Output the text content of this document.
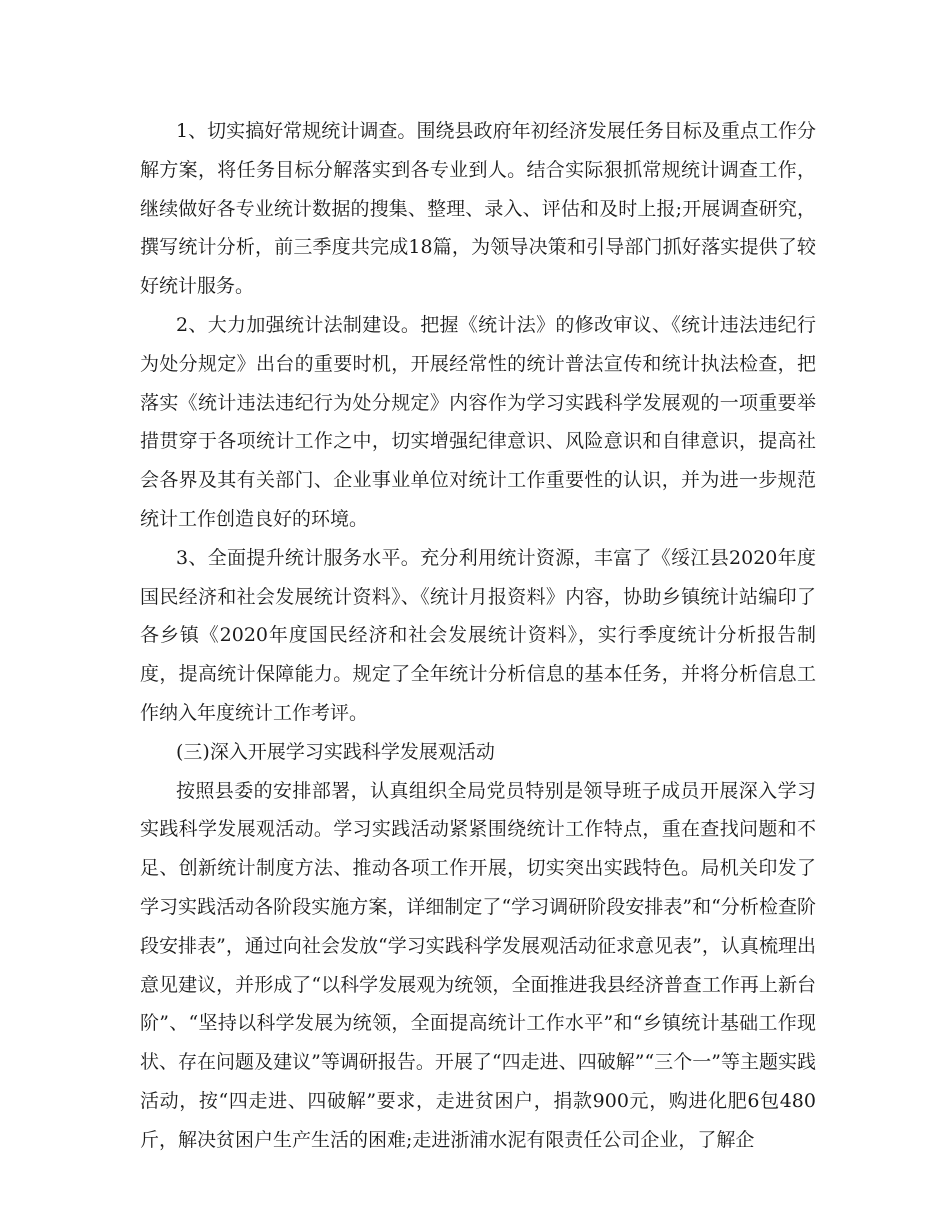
1、切实搞好常规统计调查。围绕县政府年初经济发展任务目标及重点工作分解方案，将任务目标分解落实到各专业到人。结合实际狠抓常规统计调查工作，继续做好各专业统计数据的搜集、整理、录入、评估和及时上报;开展调查研究，撰写统计分析，前三季度共完成18篇，为领导决策和引导部门抓好落实提供了较好统计服务。

2、大力加强统计法制建设。把握《统计法》的修改审议、《统计违法违纪行为处分规定》出台的重要时机，开展经常性的统计普法宣传和统计执法检查，把落实《统计违法违纪行为处分规定》内容作为学习实践科学发展观的一项重要举措贯穿于各项统计工作之中，切实增强纪律意识、风险意识和自律意识，提高社会各界及其有关部门、企业事业单位对统计工作重要性的认识，并为进一步规范统计工作创造良好的环境。

3、全面提升统计服务水平。充分利用统计资源，丰富了《绥江县2020年度国民经济和社会发展统计资料》、《统计月报资料》内容，协助乡镇统计站编印了各乡镇《2020年度国民经济和社会发展统计资料》，实行季度统计分析报告制度，提高统计保障能力。规定了全年统计分析信息的基本任务，并将分析信息工作纳入年度统计工作考评。

(三)深入开展学习实践科学发展观活动

按照县委的安排部署，认真组织全局党员特别是领导班子成员开展深入学习实践科学发展观活动。学习实践活动紧紧围绕统计工作特点，重在查找问题和不足、创新统计制度方法、推动各项工作开展，切实突出实践特色。局机关印发了学习实践活动各阶段实施方案，详细制定了“学习调研阶段安排表”和“分析检查阶段安排表”，通过向社会发放“学习实践科学发展观活动征求意见表”，认真梳理出意见建议，并形成了“以科学发展观为统领，全面推进我县经济普查工作再上新台阶”、“坚持以科学发展为统领，全面提高统计工作水平”和“乡镇统计基础工作现状、存在问题及建议”等调研报告。开展了“四走进、四破解”“三个一”等主题实践活动，按“四走进、四破解”要求，走进贫困户，捐款900元，购进化肥6包480斤，解决贫困户生产生活的困难;走进浙浦水泥有限责任公司企业，了解企
